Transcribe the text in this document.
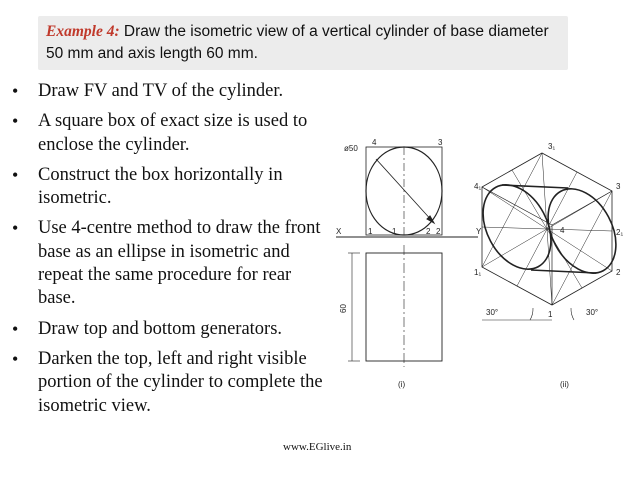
Example 4: Draw the isometric view of a vertical cylinder of base diameter 50 mm and axis length 60 mm.
• Draw FV and TV of the cylinder.
• A square box of exact size is used to enclose the cylinder.
• Construct the box horizontally in isometric.
• Use 4-centre method to draw the front base as an ellipse in isometric and repeat the same procedure for rear base.
• Draw top and bottom generators.
• Darken the top, left and right visible portion of the cylinder to complete the isometric view.
ø50
4	3
X	Y
1	2
1	2
60
(i)	(ii)
30°	30°
3₁
3
4₁
4
1₁	2
1
2₁
www.EGlive.in
